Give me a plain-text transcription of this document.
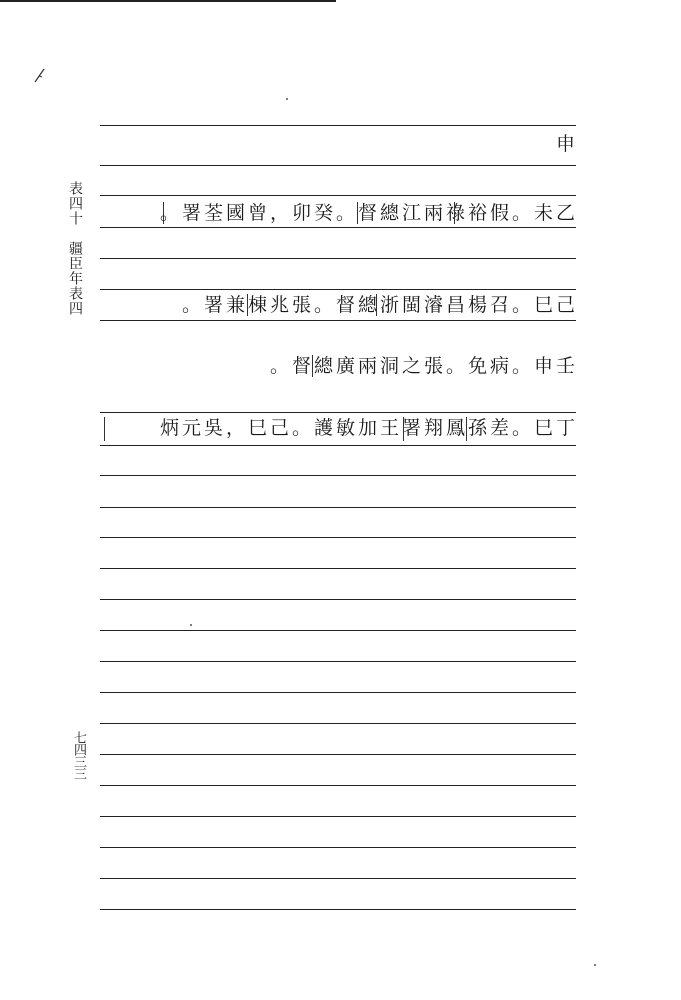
表四十　疆臣年表四
七四三三
申
。署荃國曾，卯癸。督總江兩祿裕假。未乙
。署兼棟兆張。督總浙閩濬昌楊召。巳己
。督總廣兩洞之張。免病。申壬
炳元吳，巳己。護敏加王署翔鳳孫差。巳丁
